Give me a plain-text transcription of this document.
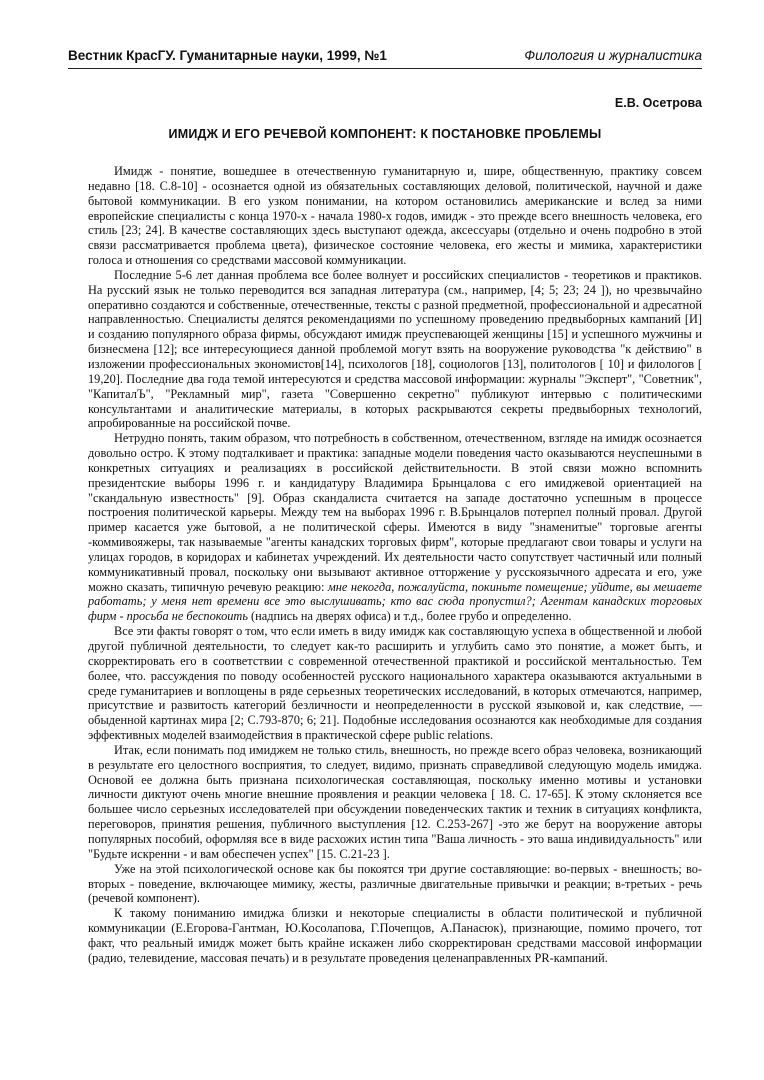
Вестник КрасГУ. Гуманитарные науки, 1999, №1	Филология и журналистика
Е.В. Осетрова
ИМИДЖ И ЕГО РЕЧЕВОЙ КОМПОНЕНТ: К ПОСТАНОВКЕ ПРОБЛЕМЫ

Имидж - понятие, вошедшее в отечественную гуманитарную и, шире, общественную, практику совсем недавно [18. С.8-10] - осознается одной из обязательных составляющих деловой, политической, научной и даже бытовой коммуникации. В его узком понимании, на котором остановились американские и вслед за ними европейские специалисты с конца 1970-х - начала 1980-х годов, имидж - это прежде всего внешность человека, его стиль [23; 24]. В качестве составляющих здесь выступают одежда, аксессуары (отдельно и очень подробно в этой связи рассматривается проблема цвета), физическое состояние человека, его жесты и мимика, характеристики голоса и отношения со средствами массовой коммуникации.

Последние 5-6 лет данная проблема все более волнует и российских специалистов - теоретиков и практиков. На русский язык не только переводится вся западная литература (см., например, [4; 5; 23; 24 ]), но чрезвычайно оперативно создаются и собственные, отечественные, тексты с разной предметной, профессиональной и адресатной направленностью. Специалисты делятся рекомендациями по успешному проведению предвыборных кампаний [И] и созданию популярного образа фирмы, обсуждают имидж преуспевающей женщины [15] и успешного мужчины и бизнесмена [12]; все интересующиеся данной проблемой могут взять на вооружение руководства "к действию" в изложении профессиональных экономистов[14], психологов [18], социологов [13], политологов [ 10] и филологов [ 19,20]. Последние два года темой интересуются и средства массовой информации: журналы "Эксперт", "Советник", "КапиталЪ", "Рекламный мир", газета "Совершенно секретно" публикуют интервью с политическими консультантами и аналитические материалы, в которых раскрываются секреты предвыборных технологий, апробированные на российской почве.

Нетрудно понять, таким образом, что потребность в собственном, отечественном, взгляде на имидж осознается довольно остро. К этому подталкивает и практика: западные модели поведения часто оказываются неуспешными в конкретных ситуациях и реализациях в российской действительности. В этой связи можно вспомнить президентские выборы 1996 г. и кандидатуру Владимира Брынцалова с его имиджевой ориентацией на "скандальную известность" [9]. Образ скандалиста считается на западе достаточно успешным в процессе построения политической карьеры. Между тем на выборах 1996 г. В.Брынцалов потерпел полный провал. Другой пример касается уже бытовой, а не политической сферы. Имеются в виду "знаменитые" торговые агенты -коммивояжеры, так называемые "агенты канадских торговых фирм", которые предлагают свои товары и услуги на улицах городов, в коридорах и кабинетах учреждений. Их деятельности часто сопутствует частичный или полный коммуникативный провал, поскольку они вызывают активное отторжение у русскоязычного адресата и его, уже можно сказать, типичную речевую реакцию: мне некогда, пожалуйста, покиньте помещение; уйдите, вы мешаете работать; у меня нет времени все это выслушивать; кто вас сюда пропустил?; Агентам канадских торговых фирм - просьба не беспокоить (надпись на дверях офиса) и т.д., более грубо и определенно.

Все эти факты говорят о том, что если иметь в виду имидж как составляющую успеха в общественной и любой другой публичной деятельности, то следует как-то расширить и углубить само это понятие, а может быть, и скорректировать его в соответствии с современной отечественной практикой и российской ментальностью. Тем более, что. рассуждения по поводу особенностей русского национального характера оказываются актуальными в среде гуманитариев и воплощены в ряде серьезных теоретических исследований, в которых отмечаются, например, присутствие и развитость категорий безличности и неопределенности в русской языковой и, как следствие, — обыденной картинах мира [2; С.793-870; 6; 21]. Подобные исследования осознаются как необходимые для создания эффективных моделей взаимодействия в практической сфере public relations.

Итак, если понимать под имиджем не только стиль, внешность, но прежде всего образ человека, возникающий в результате его целостного восприятия, то следует, видимо, признать справедливой следующую модель имиджа. Основой ее должна быть признана психологическая составляющая, поскольку именно мотивы и установки личности диктуют очень многие внешние проявления и реакции человека [ 18. С. 17-65]. К этому склоняется все большее число серьезных исследователей при обсуждении поведенческих тактик и техник в ситуациях конфликта, переговоров, принятия решения, публичного выступления [12. С.253-267] -это же берут на вооружение авторы популярных пособий, оформляя все в виде расхожих истин типа "Ваша личность - это ваша индивидуальность" или "Будьте искренни - и вам обеспечен успех" [15. С.21-23 ].

Уже на этой психологической основе как бы покоятся три другие составляющие: во-первых - внешность; во-вторых - поведение, включающее мимику, жесты, различные двигательные привычки и реакции; в-третьих - речь (речевой компонент).

К такому пониманию имиджа близки и некоторые специалисты в области политической и публичной коммуникации (Е.Егорова-Гантман, Ю.Косолапова, Г.Почепцов, А.Панасюк), признающие, помимо прочего, тот факт, что реальный имидж может быть крайне искажен либо скорректирован средствами массовой информации (радио, телевидение, массовая печать) и в результате проведения целенаправленных PR-кампаний.
